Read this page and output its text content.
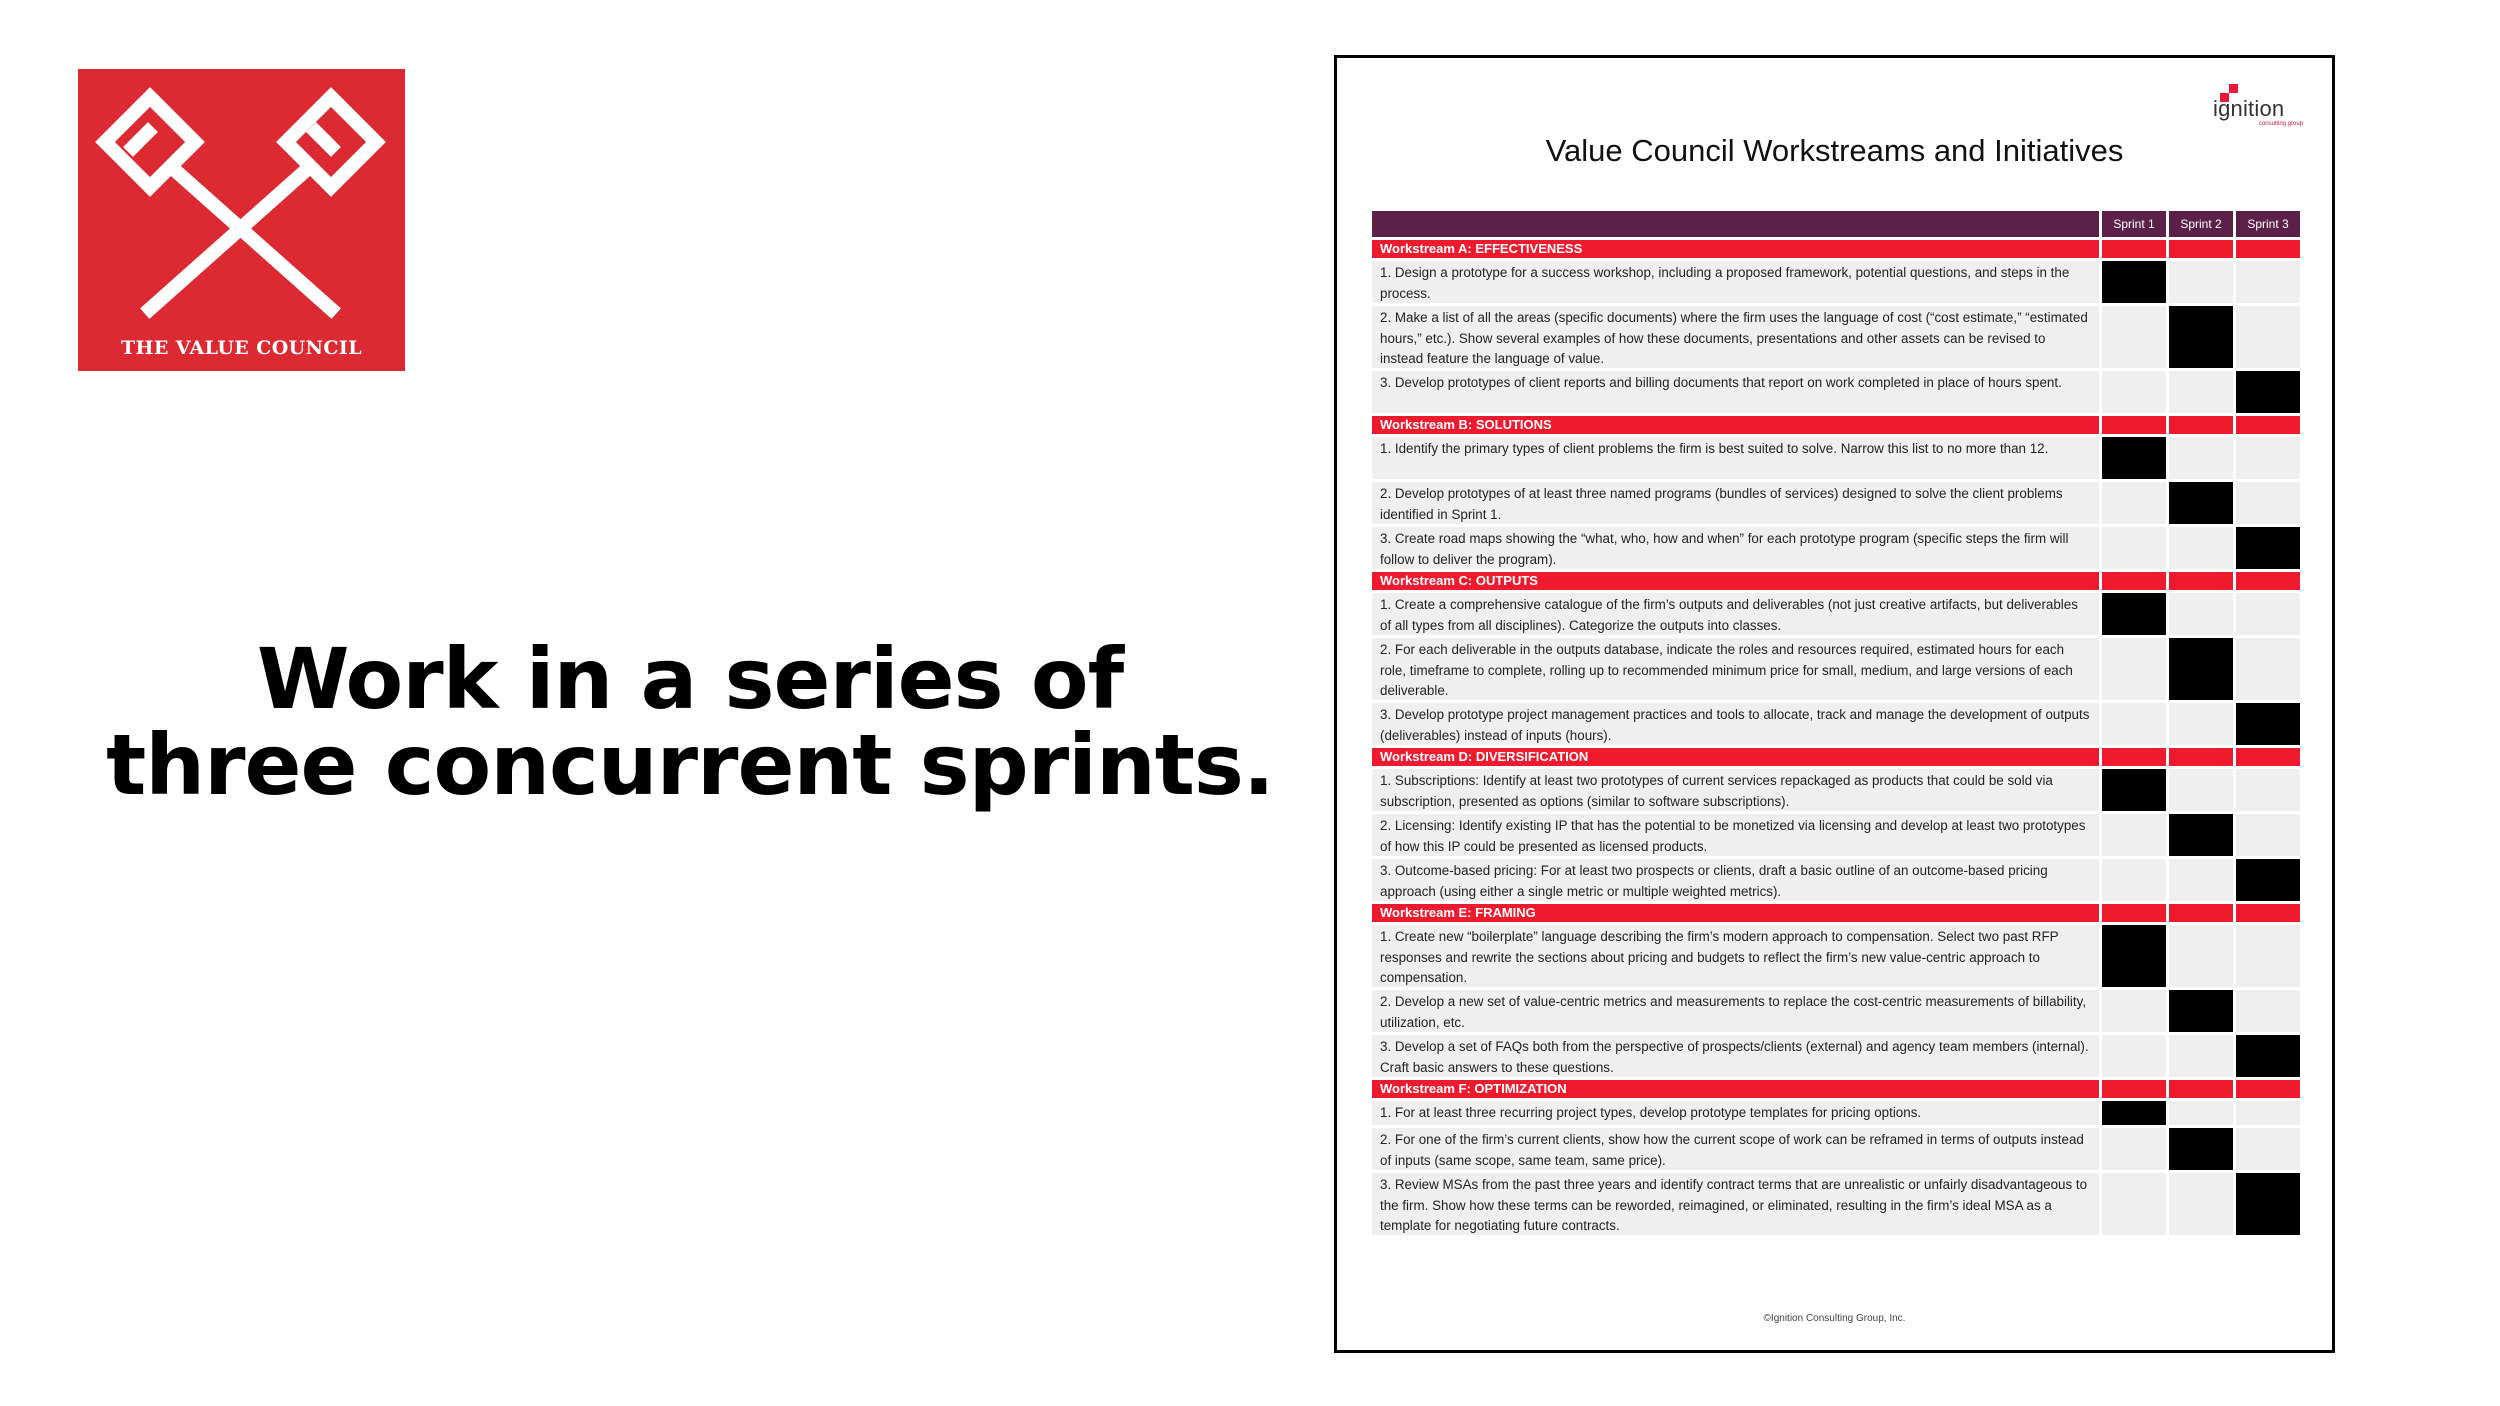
THE VALUE COUNCIL
Work in a series of
three concurrent sprints.
ignition
consulting group
Value Council Workstreams and Initiatives
Sprint 1	Sprint 2	Sprint 3
Workstream A: EFFECTIVENESS
1. Design a prototype for a success workshop, including a proposed framework, potential questions, and steps in the process.
2. Make a list of all the areas (specific documents) where the firm uses the language of cost (“cost estimate,” “estimated hours,” etc.). Show several examples of how these documents, presentations and other assets can be revised to instead feature the language of value.
3. Develop prototypes of client reports and billing documents that report on work completed in place of hours spent.
Workstream B: SOLUTIONS
1. Identify the primary types of client problems the firm is best suited to solve. Narrow this list to no more than 12.
2. Develop prototypes of at least three named programs (bundles of services) designed to solve the client problems identified in Sprint 1.
3. Create road maps showing the “what, who, how and when” for each prototype program (specific steps the firm will follow to deliver the program).
Workstream C: OUTPUTS
1. Create a comprehensive catalogue of the firm’s outputs and deliverables (not just creative artifacts, but deliverables of all types from all disciplines). Categorize the outputs into classes.
2. For each deliverable in the outputs database, indicate the roles and resources required, estimated hours for each role, timeframe to complete, rolling up to recommended minimum price for small, medium, and large versions of each deliverable.
3. Develop prototype project management practices and tools to allocate, track and manage the development of outputs (deliverables) instead of inputs (hours).
Workstream D: DIVERSIFICATION
1. Subscriptions: Identify at least two prototypes of current services repackaged as products that could be sold via subscription, presented as options (similar to software subscriptions).
2. Licensing: Identify existing IP that has the potential to be monetized via licensing and develop at least two prototypes of how this IP could be presented as licensed products.
3. Outcome-based pricing: For at least two prospects or clients, draft a basic outline of an outcome-based pricing approach (using either a single metric or multiple weighted metrics).
Workstream E: FRAMING
1. Create new “boilerplate” language describing the firm’s modern approach to compensation. Select two past RFP responses and rewrite the sections about pricing and budgets to reflect the firm’s new value-centric approach to compensation.
2. Develop a new set of value-centric metrics and measurements to replace the cost-centric measurements of billability, utilization, etc.
3. Develop a set of FAQs both from the perspective of prospects/clients (external) and agency team members (internal). Craft basic answers to these questions.
Workstream F: OPTIMIZATION
1. For at least three recurring project types, develop prototype templates for pricing options.
2. For one of the firm’s current clients, show how the current scope of work can be reframed in terms of outputs instead of inputs (same scope, same team, same price).
3. Review MSAs from the past three years and identify contract terms that are unrealistic or unfairly disadvantageous to the firm. Show how these terms can be reworded, reimagined, or eliminated, resulting in the firm’s ideal MSA as a template for negotiating future contracts.
©Ignition Consulting Group, Inc.
